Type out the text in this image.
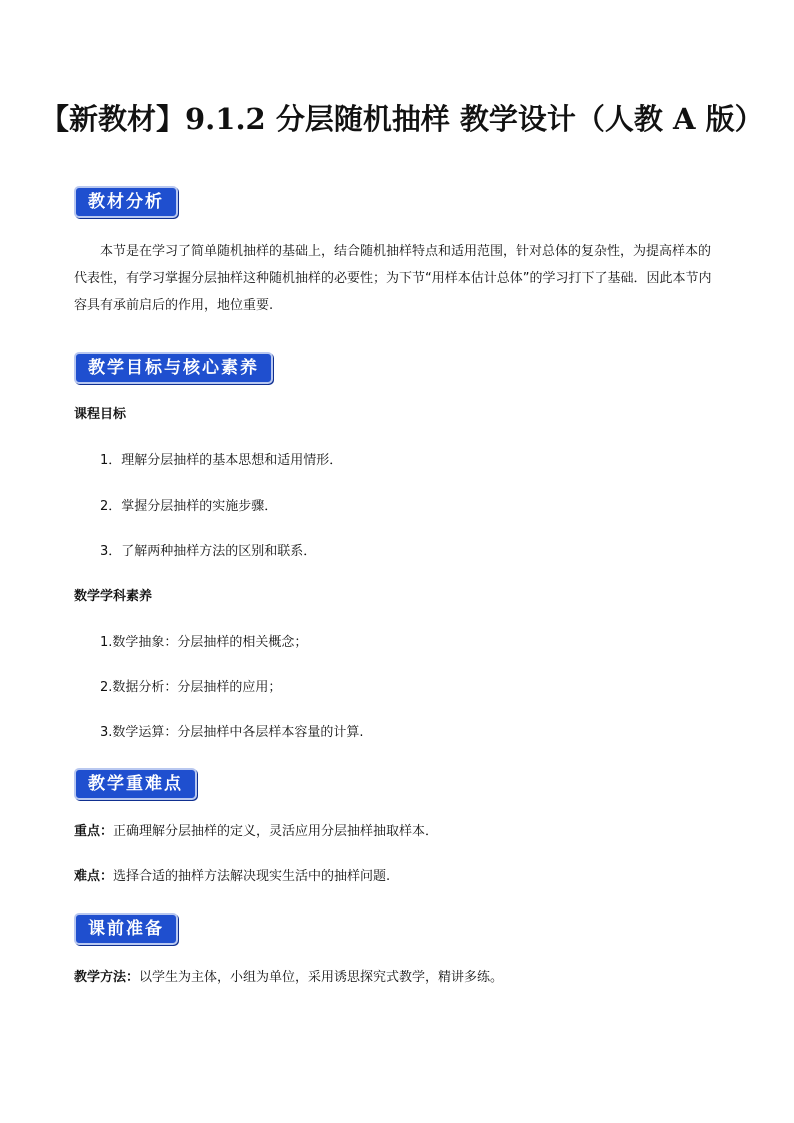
【新教材】9.1.2 分层随机抽样 教学设计（人教 A 版）
教材分析
本节是在学习了简单随机抽样的基础上，结合随机抽样特点和适用范围，针对总体的复杂性，为提高样本的代表性，有学习掌握分层抽样这种随机抽样的必要性；为下节“用样本估计总体”的学习打下了基础．因此本节内容具有承前启后的作用，地位重要.
教学目标与核心素养
课程目标
1．理解分层抽样的基本思想和适用情形．
2．掌握分层抽样的实施步骤．
3．了解两种抽样方法的区别和联系．
数学学科素养
1.数学抽象：分层抽样的相关概念；
2.数据分析：分层抽样的应用；
3.数学运算：分层抽样中各层样本容量的计算.
教学重难点
重点：正确理解分层抽样的定义，灵活应用分层抽样抽取样本．
难点：选择合适的抽样方法解决现实生活中的抽样问题.
课前准备
教学方法：以学生为主体，小组为单位，采用诱思探究式教学，精讲多练。
